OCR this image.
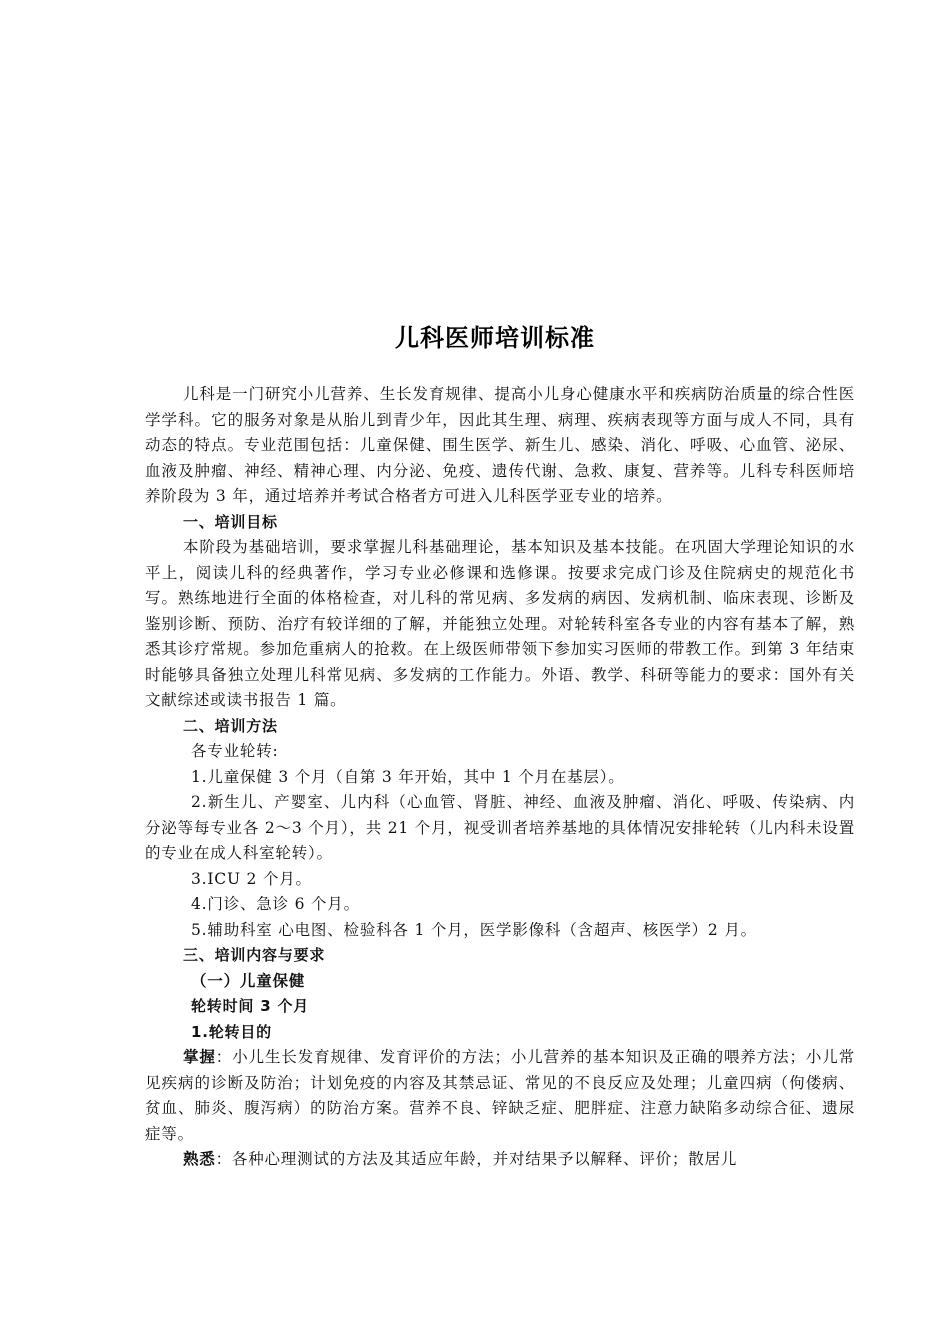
儿科医师培训标准

儿科是一门研究小儿营养、生长发育规律、提高小儿身心健康水平和疾病防治质量的综合性医学学科。它的服务对象是从胎儿到青少年，因此其生理、病理、疾病表现等方面与成人不同，具有动态的特点。专业范围包括：儿童保健、围生医学、新生儿、感染、消化、呼吸、心血管、泌尿、血液及肿瘤、神经、精神心理、内分泌、免疫、遗传代谢、急救、康复、营养等。儿科专科医师培养阶段为 3 年，通过培养并考试合格者方可进入儿科医学亚专业的培养。

一、培训目标

本阶段为基础培训，要求掌握儿科基础理论，基本知识及基本技能。在巩固大学理论知识的水平上，阅读儿科的经典著作，学习专业必修课和选修课。按要求完成门诊及住院病史的规范化书写。熟练地进行全面的体格检查，对儿科的常见病、多发病的病因、发病机制、临床表现、诊断及鉴别诊断、预防、治疗有较详细的了解，并能独立处理。对轮转科室各专业的内容有基本了解，熟悉其诊疗常规。参加危重病人的抢救。在上级医师带领下参加实习医师的带教工作。到第 3 年结束时能够具备独立处理儿科常见病、多发病的工作能力。外语、教学、科研等能力的要求：国外有关文献综述或读书报告 1 篇。

二、培训方法

各专业轮转:

1.儿童保健 3 个月（自第 3 年开始，其中 1 个月在基层）。

2.新生儿、产婴室、儿内科（心血管、肾脏、神经、血液及肿瘤、消化、呼吸、传染病、内分泌等每专业各 2～3 个月），共 21 个月，视受训者培养基地的具体情况安排轮转（儿内科未设置的专业在成人科室轮转）。

3.ICU 2 个月。

4.门诊、急诊 6 个月。

5.辅助科室 心电图、检验科各 1 个月，医学影像科（含超声、核医学）2 月。

三、培训内容与要求

（一）儿童保健

轮转时间 3 个月

1.轮转目的

掌握：小儿生长发育规律、发育评价的方法；小儿营养的基本知识及正确的喂养方法；小儿常见疾病的诊断及防治；计划免疫的内容及其禁忌证、常见的不良反应及处理；儿童四病（佝偻病、贫血、肺炎、腹泻病）的防治方案。营养不良、锌缺乏症、肥胖症、注意力缺陷多动综合征、遗尿症等。

熟悉：各种心理测试的方法及其适应年龄，并对结果予以解释、评价；散居儿
